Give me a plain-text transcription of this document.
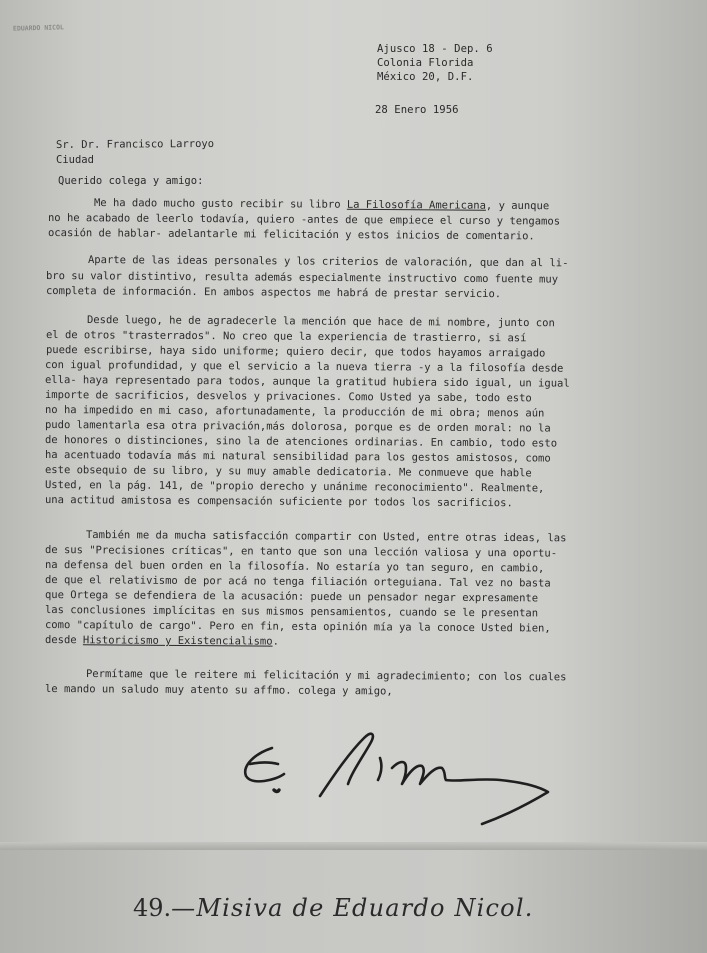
EDUARDO NICOL
Ajusco 18 - Dep. 6
Colonia Florida
México 20, D.F.
28 Enero 1956
Sr. Dr. Francisco Larroyo
Ciudad
Querido colega y amigo:
Me ha dado mucho gusto recibir su libro La Filosofía Americana, y aunque
no he acabado de leerlo todavía, quiero -antes de que empiece el curso y tengamos
ocasión de hablar- adelantarle mi felicitación y estos inicios de comentario.
Aparte de las ideas personales y los criterios de valoración, que dan al li-
bro su valor distintivo, resulta además especialmente instructivo como fuente muy
completa de información. En ambos aspectos me habrá de prestar servicio.
Desde luego, he de agradecerle la mención que hace de mi nombre, junto con
el de otros "trasterrados". No creo que la experiencia de trastierro, si así
puede escribirse, haya sido uniforme; quiero decir, que todos hayamos arraigado
con igual profundidad, y que el servicio a la nueva tierra -y a la filosofía desde
ella- haya representado para todos, aunque la gratitud hubiera sido igual, un igual
importe de sacrificios, desvelos y privaciones. Como Usted ya sabe, todo esto
no ha impedido en mi caso, afortunadamente, la producción de mi obra; menos aún
pudo lamentarla esa otra privación,más dolorosa, porque es de orden moral: no la
de honores o distinciones, sino la de atenciones ordinarias. En cambio, todo esto
ha acentuado todavía más mi natural sensibilidad para los gestos amistosos, como
este obsequio de su libro, y su muy amable dedicatoria. Me conmueve que hable
Usted, en la pág. 141, de "propio derecho y unánime reconocimiento". Realmente,
una actitud amistosa es compensación suficiente por todos los sacrificios.
También me da mucha satisfacción compartir con Usted, entre otras ideas, las
de sus "Precisiones críticas", en tanto que son una lección valiosa y una oportu-
na defensa del buen orden en la filosofía. No estaría yo tan seguro, en cambio,
de que el relativismo de por acá no tenga filiación orteguiana. Tal vez no basta
que Ortega se defendiera de la acusación: puede un pensador negar expresamente
las conclusiones implícitas en sus mismos pensamientos, cuando se le presentan
como "capítulo de cargo". Pero en fin, esta opinión mía ya la conoce Usted bien,
desde Historicismo y Existencialismo.
Permítame que le reitere mi felicitación y mi agradecimiento; con los cuales
le mando un saludo muy atento su affmo. colega y amigo,
49.—Misiva de Eduardo Nicol.
